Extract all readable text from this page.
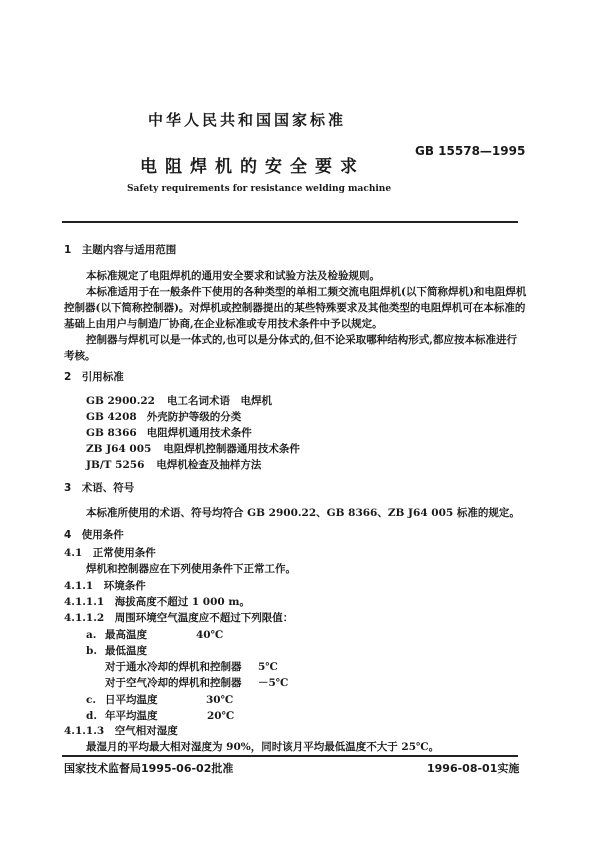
中华人民共和国国家标准
GB 15578—1995
电阻焊机的安全要求
Safety requirements for resistance welding machine
1　主题内容与适用范围
本标准规定了电阻焊机的通用安全要求和试验方法及检验规则。
本标准适用于在一般条件下使用的各种类型的单相工频交流电阻焊机(以下简称焊机)和电阻焊机
控制器(以下简称控制器)。对焊机或控制器提出的某些特殊要求及其他类型的电阻焊机可在本标准的
基础上由用户与制造厂协商,在企业标准或专用技术条件中予以规定。
控制器与焊机可以是一体式的,也可以是分体式的,但不论采取哪种结构形式,都应按本标准进行
考核。
2　引用标准
GB 2900.22 电工名词术语　电焊机
GB 4208 外壳防护等级的分类
GB 8366 电阻焊机通用技术条件
ZB J64 005 电阻焊机控制器通用技术条件
JB/T 5256 电焊机检查及抽样方法
3　术语、符号
本标准所使用的术语、符号均符合 GB 2900.22、GB 8366、ZB J64 005 标准的规定。
4　使用条件
4.1　正常使用条件
焊机和控制器应在下列使用条件下正常工作。
4.1.1　环境条件
4.1.1.1　海拔高度不超过 1 000 m。
4.1.1.2　周围环境空气温度应不超过下列限值：
a. 最高温度	40℃
b. 最低温度
对于通水冷却的焊机和控制器 5℃
对于空气冷却的焊机和控制器 －5℃
c. 日平均温度	30℃
d. 年平均温度	20℃
4.1.1.3　空气相对湿度
最湿月的平均最大相对湿度为 90%，同时该月平均最低温度不大于 25℃。
国家技术监督局1995-06-02批准	1996-08-01实施
